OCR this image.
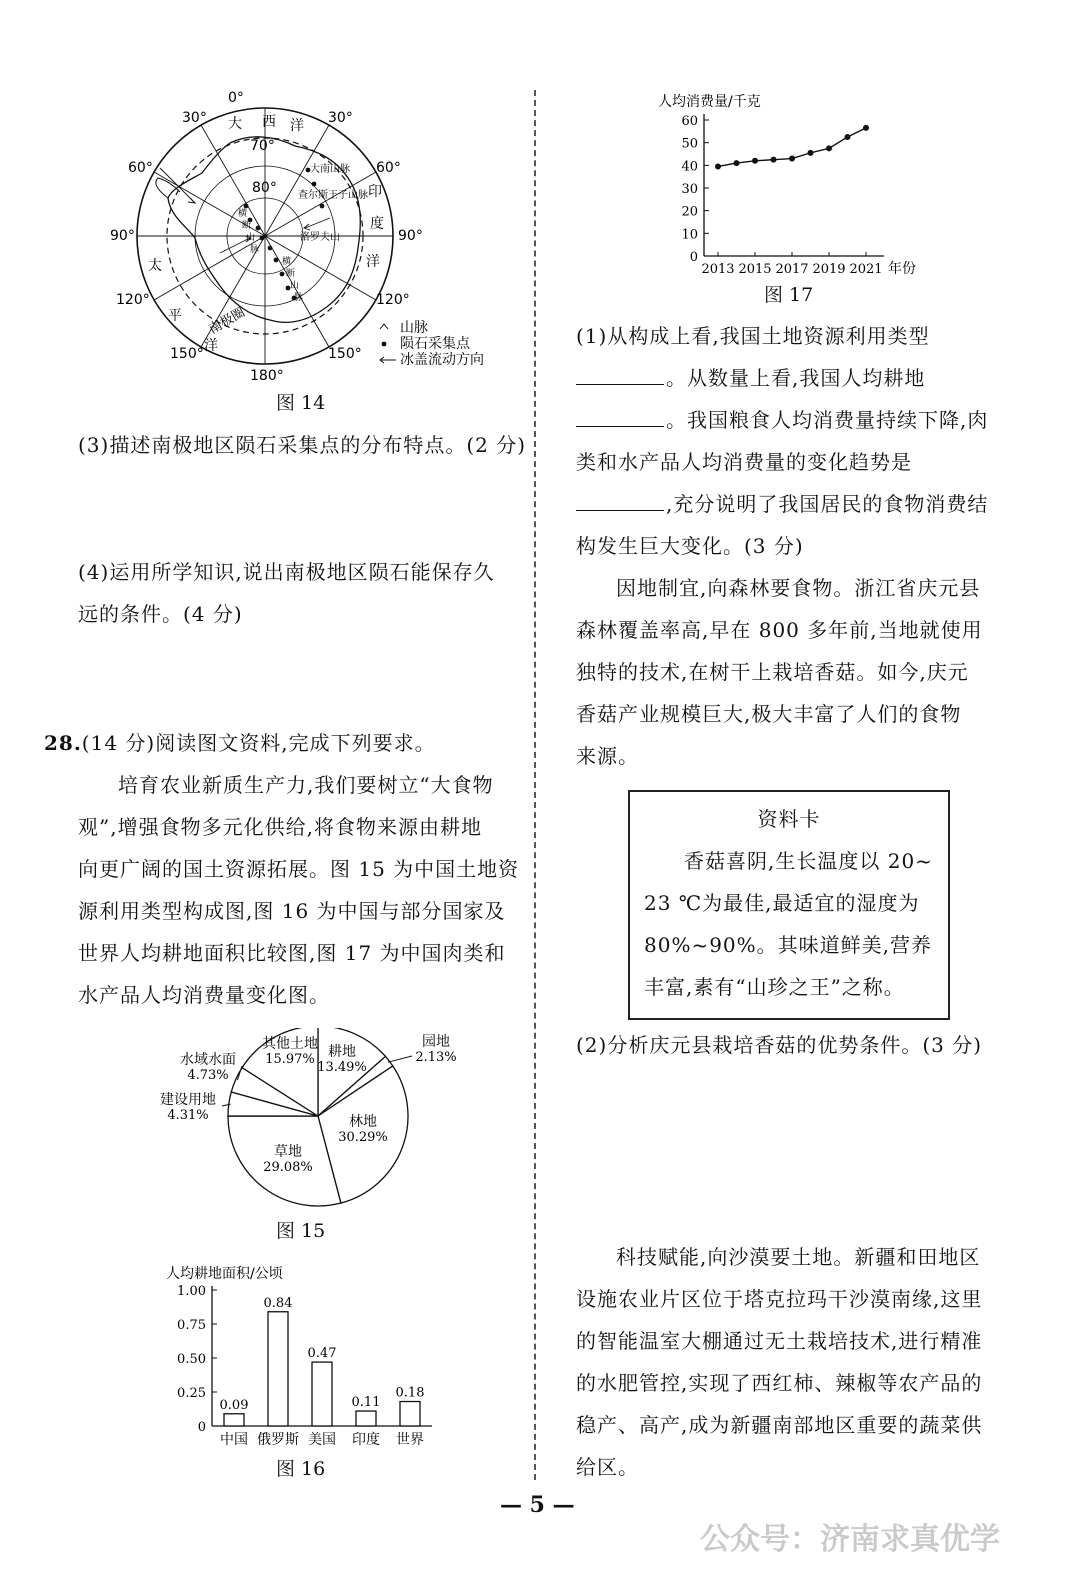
0°
30°	30°
60°	60°
90°	90°
120°	120°
150°	150°
180°
70°
80°
大 西 洋
印
度
洋
太
平
洋
南极圈
大南山脉
查尔斯王子山脉
洛罗夫山
横
断
山
脉
横
断
山
脉
山脉
陨石采集点
冰盖流动方向
图 14
(3)描述南极地区陨石采集点的分布特点。(2 分)
(4)运用所学知识,说出南极地区陨石能保存久
远的条件。(4 分)
28.(14 分)阅读图文资料,完成下列要求。
培育农业新质生产力,我们要树立“大食物
观”,增强食物多元化供给,将食物来源由耕地
向更广阔的国土资源拓展。图 15 为中国土地资
源利用类型构成图,图 16 为中国与部分国家及
世界人均耕地面积比较图,图 17 为中国肉类和
水产品人均消费量变化图。
耕地
13.49%
园地
2.13%
林地
30.29%
草地
29.08%
建设用地
4.31%
水域水面
4.73%
其他土地
15.97%
图 15
人均耕地面积/公顷
0
0.25
0.50
0.75
1.00
0.09
中国
0.84
俄罗斯
0.47
美国
0.11
印度
0.18
世界
图 16
人均消费量/千克
0
10
20
30
40
50
60
2013 2015 2017 2019 2021 年份
图 17
(1)从构成上看,我国土地资源利用类型
。从数量上看,我国人均耕地
。我国粮食人均消费量持续下降,肉
类和水产品人均消费量的变化趋势是
,充分说明了我国居民的食物消费结
构发生巨大变化。(3 分)
因地制宜,向森林要食物。浙江省庆元县
森林覆盖率高,早在 800 多年前,当地就使用
独特的技术,在树干上栽培香菇。如今,庆元
香菇产业规模巨大,极大丰富了人们的食物
来源。
资料卡
香菇喜阴,生长温度以 20~
23 ℃为最佳,最适宜的湿度为
80%~90%。其味道鲜美,营养
丰富,素有“山珍之王”之称。
(2)分析庆元县栽培香菇的优势条件。(3 分)
科技赋能,向沙漠要土地。新疆和田地区
设施农业片区位于塔克拉玛干沙漠南缘,这里
的智能温室大棚通过无土栽培技术,进行精准
的水肥管控,实现了西红柿、辣椒等农产品的
稳产、高产,成为新疆南部地区重要的蔬菜供
给区。
— 5 —
公众号：济南求真优学
